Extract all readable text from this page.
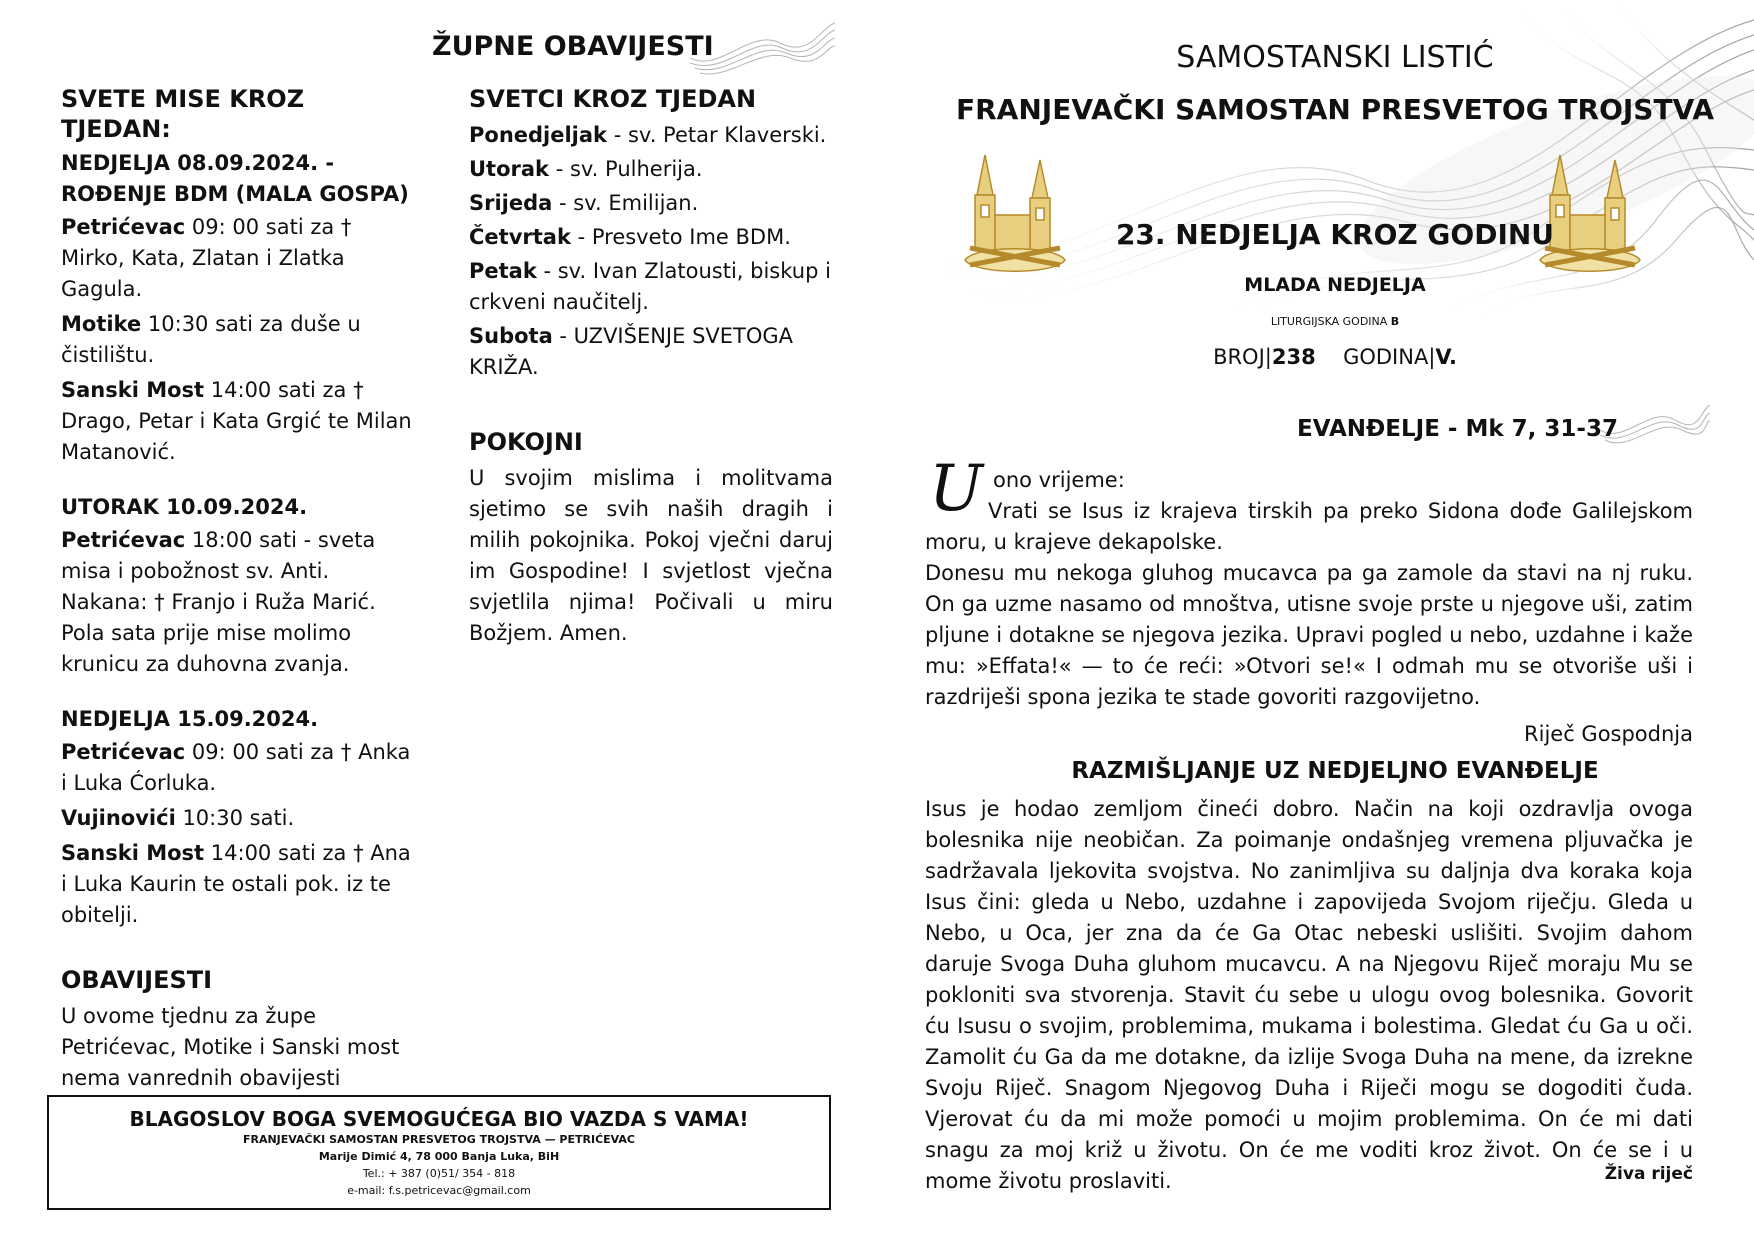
ŽUPNE OBAVIJESTI
SVETE MISE KROZ TJEDAN:
NEDJELJA 08.09.2024. - ROĐENJE BDM (MALA GOSPA)

Petrićevac 09: 00 sati za † Mirko, Kata, Zlatan i Zlatka Gagula.

Motike 10:30 sati za duše u čistilištu.

Sanski Most 14:00 sati za † Drago, Petar i Kata Grgić te Milan Matanović.

UTORAK 10.09.2024.

Petrićevac 18:00 sati - sveta misa i pobožnost sv. Anti. Nakana: † Franjo i Ruža Marić. Pola sata prije mise molimo krunicu za duhovna zvanja.

NEDJELJA 15.09.2024.

Petrićevac 09: 00 sati za † Anka i Luka Ćorluka.

Vujinovići 10:30 sati.

Sanski Most 14:00 sati za † Ana i Luka Kaurin te ostali pok. iz te obitelji.

OBAVIJESTI

U ovome tjednu za župe Petrićevac, Motike i Sanski most nema vanrednih obavijesti

SVETCI KROZ TJEDAN

Ponedjeljak - sv. Petar Klaverski.

Utorak - sv. Pulherija.

Srijeda - sv. Emilijan.

Četvrtak - Presveto Ime BDM.

Petak - sv. Ivan Zlatousti, biskup i crkveni naučitelj.

Subota - UZVIŠENJE SVETOGA KRIŽA.

POKOJNI

U svojim mislima i molitvama sjetimo se svih naših dragih i milih pokojnika. Pokoj vječni daruj im Gospodine! I svjetlost vječna svjetlila njima! Počivali u miru Božjem. Amen.

BLAGOSLOV BOGA SVEMOGUĆEGA BIO VAZDA S VAMA!
FRANJEVAČKI SAMOSTAN PRESVETOG TROJSTVA — PETRIĆEVAC
Marije Dimić 4, 78 000 Banja Luka, BiH
Tel.: + 387 (0)51/ 354 - 818
e-mail: f.s.petricevac@gmail.com
SAMOSTANSKI LISTIĆ
FRANJEVAČKI SAMOSTAN PRESVETOG TROJSTVA
23. NEDJELJA KROZ GODINU
MLADA NEDJELJA
LITURGIJSKA GODINA B
BROJ|238 GODINA|V.
EVANĐELJE - Mk 7, 31-37
U ono vrijeme:

Vrati se Isus iz krajeva tirskih pa preko Sidona dođe Galilejskom moru, u krajeve dekapolske.

Donesu mu nekoga gluhog mucavca pa ga zamole da stavi na nj ruku. On ga uzme nasamo od mnoštva, utisne svoje prste u njegove uši, zatim pljune i dotakne se njegova jezika. Upravi pogled u nebo, uzdahne i kaže mu: »Effata!« — to će reći: »Otvori se!« I odmah mu se otvoriše uši i razdriješi spona jezika te stade govoriti razgovijetno.

Riječ Gospodnja

RAZMIŠLJANJE UZ NEDJELJNO EVANĐELJE

Isus je hodao zemljom čineći dobro. Način na koji ozdravlja ovoga bolesnika nije neobičan. Za poimanje ondašnjeg vremena pljuvačka je sadržavala ljekovita svojstva. No zanimljiva su daljnja dva koraka koja Isus čini: gleda u Nebo, uzdahne i zapovijeda Svojom riječju. Gleda u Nebo, u Oca, jer zna da će Ga Otac nebeski uslišiti. Svojim dahom daruje Svoga Duha gluhom mucavcu. A na Njegovu Riječ moraju Mu se pokloniti sva stvorenja. Stavit ću sebe u ulogu ovog bolesnika. Govorit ću Isusu o svojim, problemima, mukama i bolestima. Gledat ću Ga u oči. Zamolit ću Ga da me dotakne, da izlije Svoga Duha na mene, da izrekne Svoju Riječ. Snagom Njegovog Duha i Riječi mogu se dogoditi čuda. Vjerovat ću da mi može pomoći u mojim problemima. On će mi dati snagu za moj križ u životu. On će me voditi kroz život. On će se i u mome životu proslaviti.	Živa riječ
